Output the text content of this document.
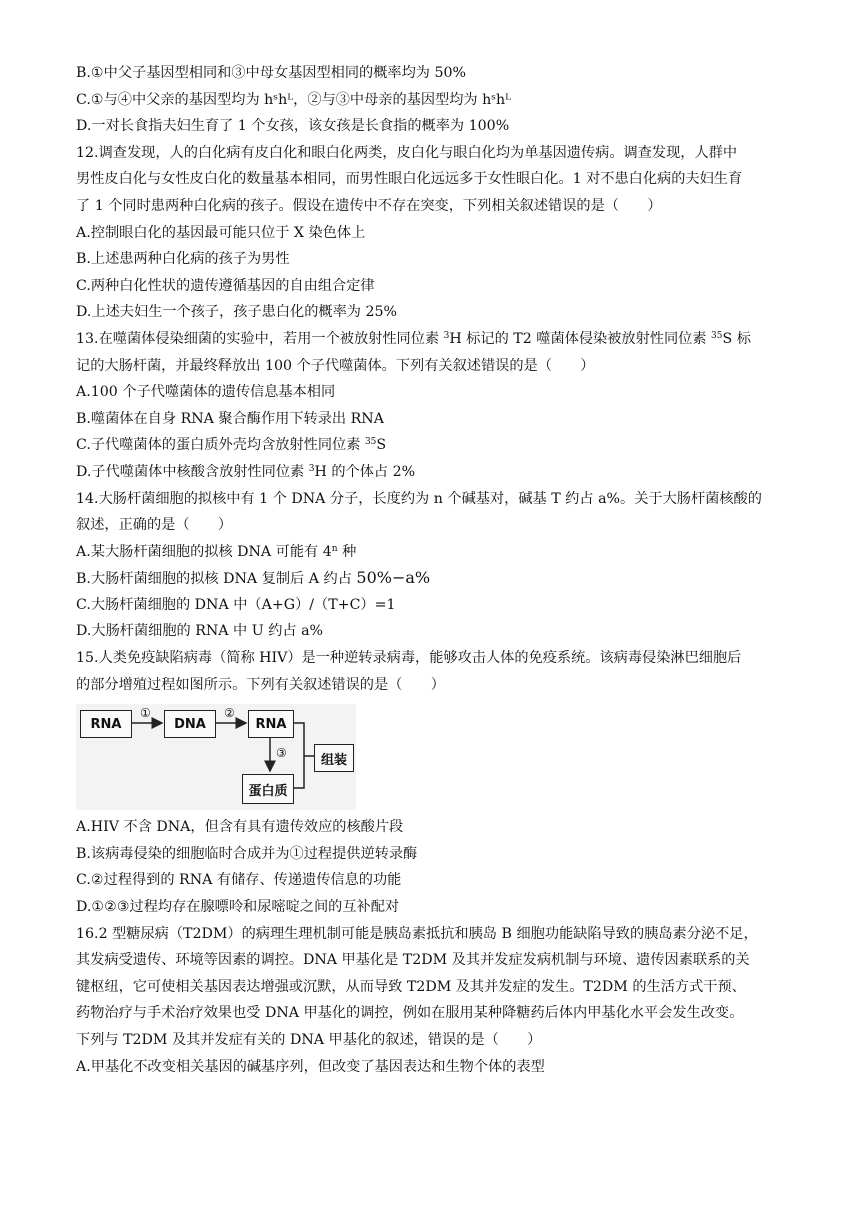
B.①中父子基因型相同和③中母女基因型相同的概率均为 50%
C.①与④中父亲的基因型均为 hˢhᴸ，②与③中母亲的基因型均为 hˢhᴸ
D.一对长食指夫妇生育了 1 个女孩，该女孩是长食指的概率为 100%
12.调查发现，人的白化病有皮白化和眼白化两类，皮白化与眼白化均为单基因遗传病。调查发现，人群中
男性皮白化与女性皮白化的数量基本相同，而男性眼白化远远多于女性眼白化。1 对不患白化病的夫妇生育
了 1 个同时患两种白化病的孩子。假设在遗传中不存在突变，下列相关叙述错误的是（　　）
A.控制眼白化的基因最可能只位于 X 染色体上
B.上述患两种白化病的孩子为男性
C.两种白化性状的遗传遵循基因的自由组合定律
D.上述夫妇生一个孩子，孩子患白化的概率为 25%
13.在噬菌体侵染细菌的实验中，若用一个被放射性同位素 $^3$H 标记的 T2 噬菌体侵染被放射性同位素 $^{35}$S 标
记的大肠杆菌，并最终释放出 100 个子代噬菌体。下列有关叙述错误的是（　　）
A.100 个子代噬菌体的遗传信息基本相同
B.噬菌体在自身 RNA 聚合酶作用下转录出 RNA
C.子代噬菌体的蛋白质外壳均含放射性同位素 $^{35}$S
D.子代噬菌体中核酸含放射性同位素 $^3$H 的个体占 2%
14.大肠杆菌细胞的拟核中有 1 个 DNA 分子，长度约为 n 个碱基对，碱基 T 约占 a%。关于大肠杆菌核酸的
叙述，正确的是（　　）
A.某大肠杆菌细胞的拟核 DNA 可能有 4$^n$ 种
B.大肠杆菌细胞的拟核 DNA 复制后 A 约占 50%−a%
C.大肠杆菌细胞的 DNA 中（A+G）/（T+C）=1
D.大肠杆菌细胞的 RNA 中 U 约占 a%
15.人类免疫缺陷病毒（简称 HIV）是一种逆转录病毒，能够攻击人体的免疫系统。该病毒侵染淋巴细胞后
的部分增殖过程如图所示。下列有关叙述错误的是（　　）
RNA	DNA	RNA
蛋白质
组装
①	②
③
A.HIV 不含 DNA，但含有具有遗传效应的核酸片段
B.该病毒侵染的细胞临时合成并为①过程提供逆转录酶
C.②过程得到的 RNA 有储存、传递遗传信息的功能
D.①②③过程均存在腺嘌呤和尿嘧啶之间的互补配对
16.2 型糖尿病（T2DM）的病理生理机制可能是胰岛素抵抗和胰岛 B 细胞功能缺陷导致的胰岛素分泌不足，
其发病受遗传、环境等因素的调控。DNA 甲基化是 T2DM 及其并发症发病机制与环境、遗传因素联系的关
键枢纽，它可使相关基因表达增强或沉默，从而导致 T2DM 及其并发症的发生。T2DM 的生活方式干预、
药物治疗与手术治疗效果也受 DNA 甲基化的调控，例如在服用某种降糖药后体内甲基化水平会发生改变。
下列与 T2DM 及其并发症有关的 DNA 甲基化的叙述，错误的是（　　）
A.甲基化不改变相关基因的碱基序列，但改变了基因表达和生物个体的表型
